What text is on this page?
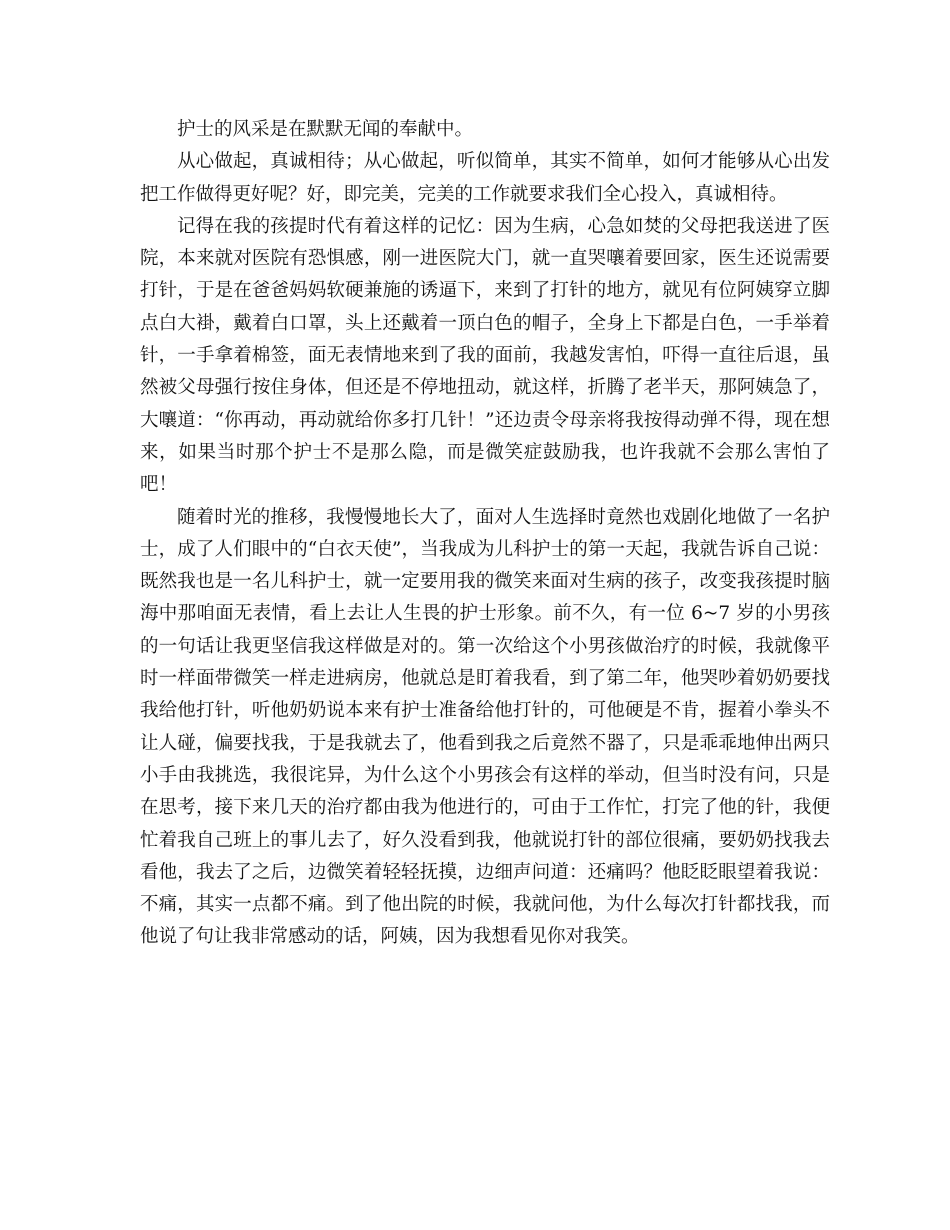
护士的风采是在默默无闻的奉献中。

从心做起，真诚相待；从心做起，听似简单，其实不简单，如何才能够从心出发把工作做得更好呢？好，即完美，完美的工作就要求我们全心投入，真诚相待。

记得在我的孩提时代有着这样的记忆：因为生病，心急如焚的父母把我送进了医院，本来就对医院有恐惧感，刚一进医院大门，就一直哭嚷着要回家，医生还说需要打针，于是在爸爸妈妈软硬兼施的诱逼下，来到了打针的地方，就见有位阿姨穿立脚点白大褂，戴着白口罩，头上还戴着一顶白色的帽子，全身上下都是白色，一手举着针，一手拿着棉签，面无表情地来到了我的面前，我越发害怕，吓得一直往后退，虽然被父母强行按住身体，但还是不停地扭动，就这样，折腾了老半天，那阿姨急了，大嚷道：“你再动，再动就给你多打几针！”还边责令母亲将我按得动弹不得，现在想来，如果当时那个护士不是那么隐，而是微笑症鼓励我，也许我就不会那么害怕了吧！

随着时光的推移，我慢慢地长大了，面对人生选择时竟然也戏剧化地做了一名护士，成了人们眼中的“白衣天使”，当我成为儿科护士的第一天起，我就告诉自己说：既然我也是一名儿科护士，就一定要用我的微笑来面对生病的孩子，改变我孩提时脑海中那咱面无表情，看上去让人生畏的护士形象。前不久，有一位 6~7 岁的小男孩的一句话让我更坚信我这样做是对的。第一次给这个小男孩做治疗的时候，我就像平时一样面带微笑一样走进病房，他就总是盯着我看，到了第二年，他哭吵着奶奶要找我给他打针，听他奶奶说本来有护士准备给他打针的，可他硬是不肯，握着小拳头不让人碰，偏要找我，于是我就去了，他看到我之后竟然不器了，只是乖乖地伸出两只小手由我挑选，我很诧异，为什么这个小男孩会有这样的举动，但当时没有问，只是在思考，接下来几天的治疗都由我为他进行的，可由于工作忙，打完了他的针，我便忙着我自己班上的事儿去了，好久没看到我，他就说打针的部位很痛，要奶奶找我去看他，我去了之后，边微笑着轻轻抚摸，边细声问道：还痛吗？他眨眨眼望着我说：不痛，其实一点都不痛。到了他出院的时候，我就问他，为什么每次打针都找我，而他说了句让我非常感动的话，阿姨，因为我想看见你对我笑。
